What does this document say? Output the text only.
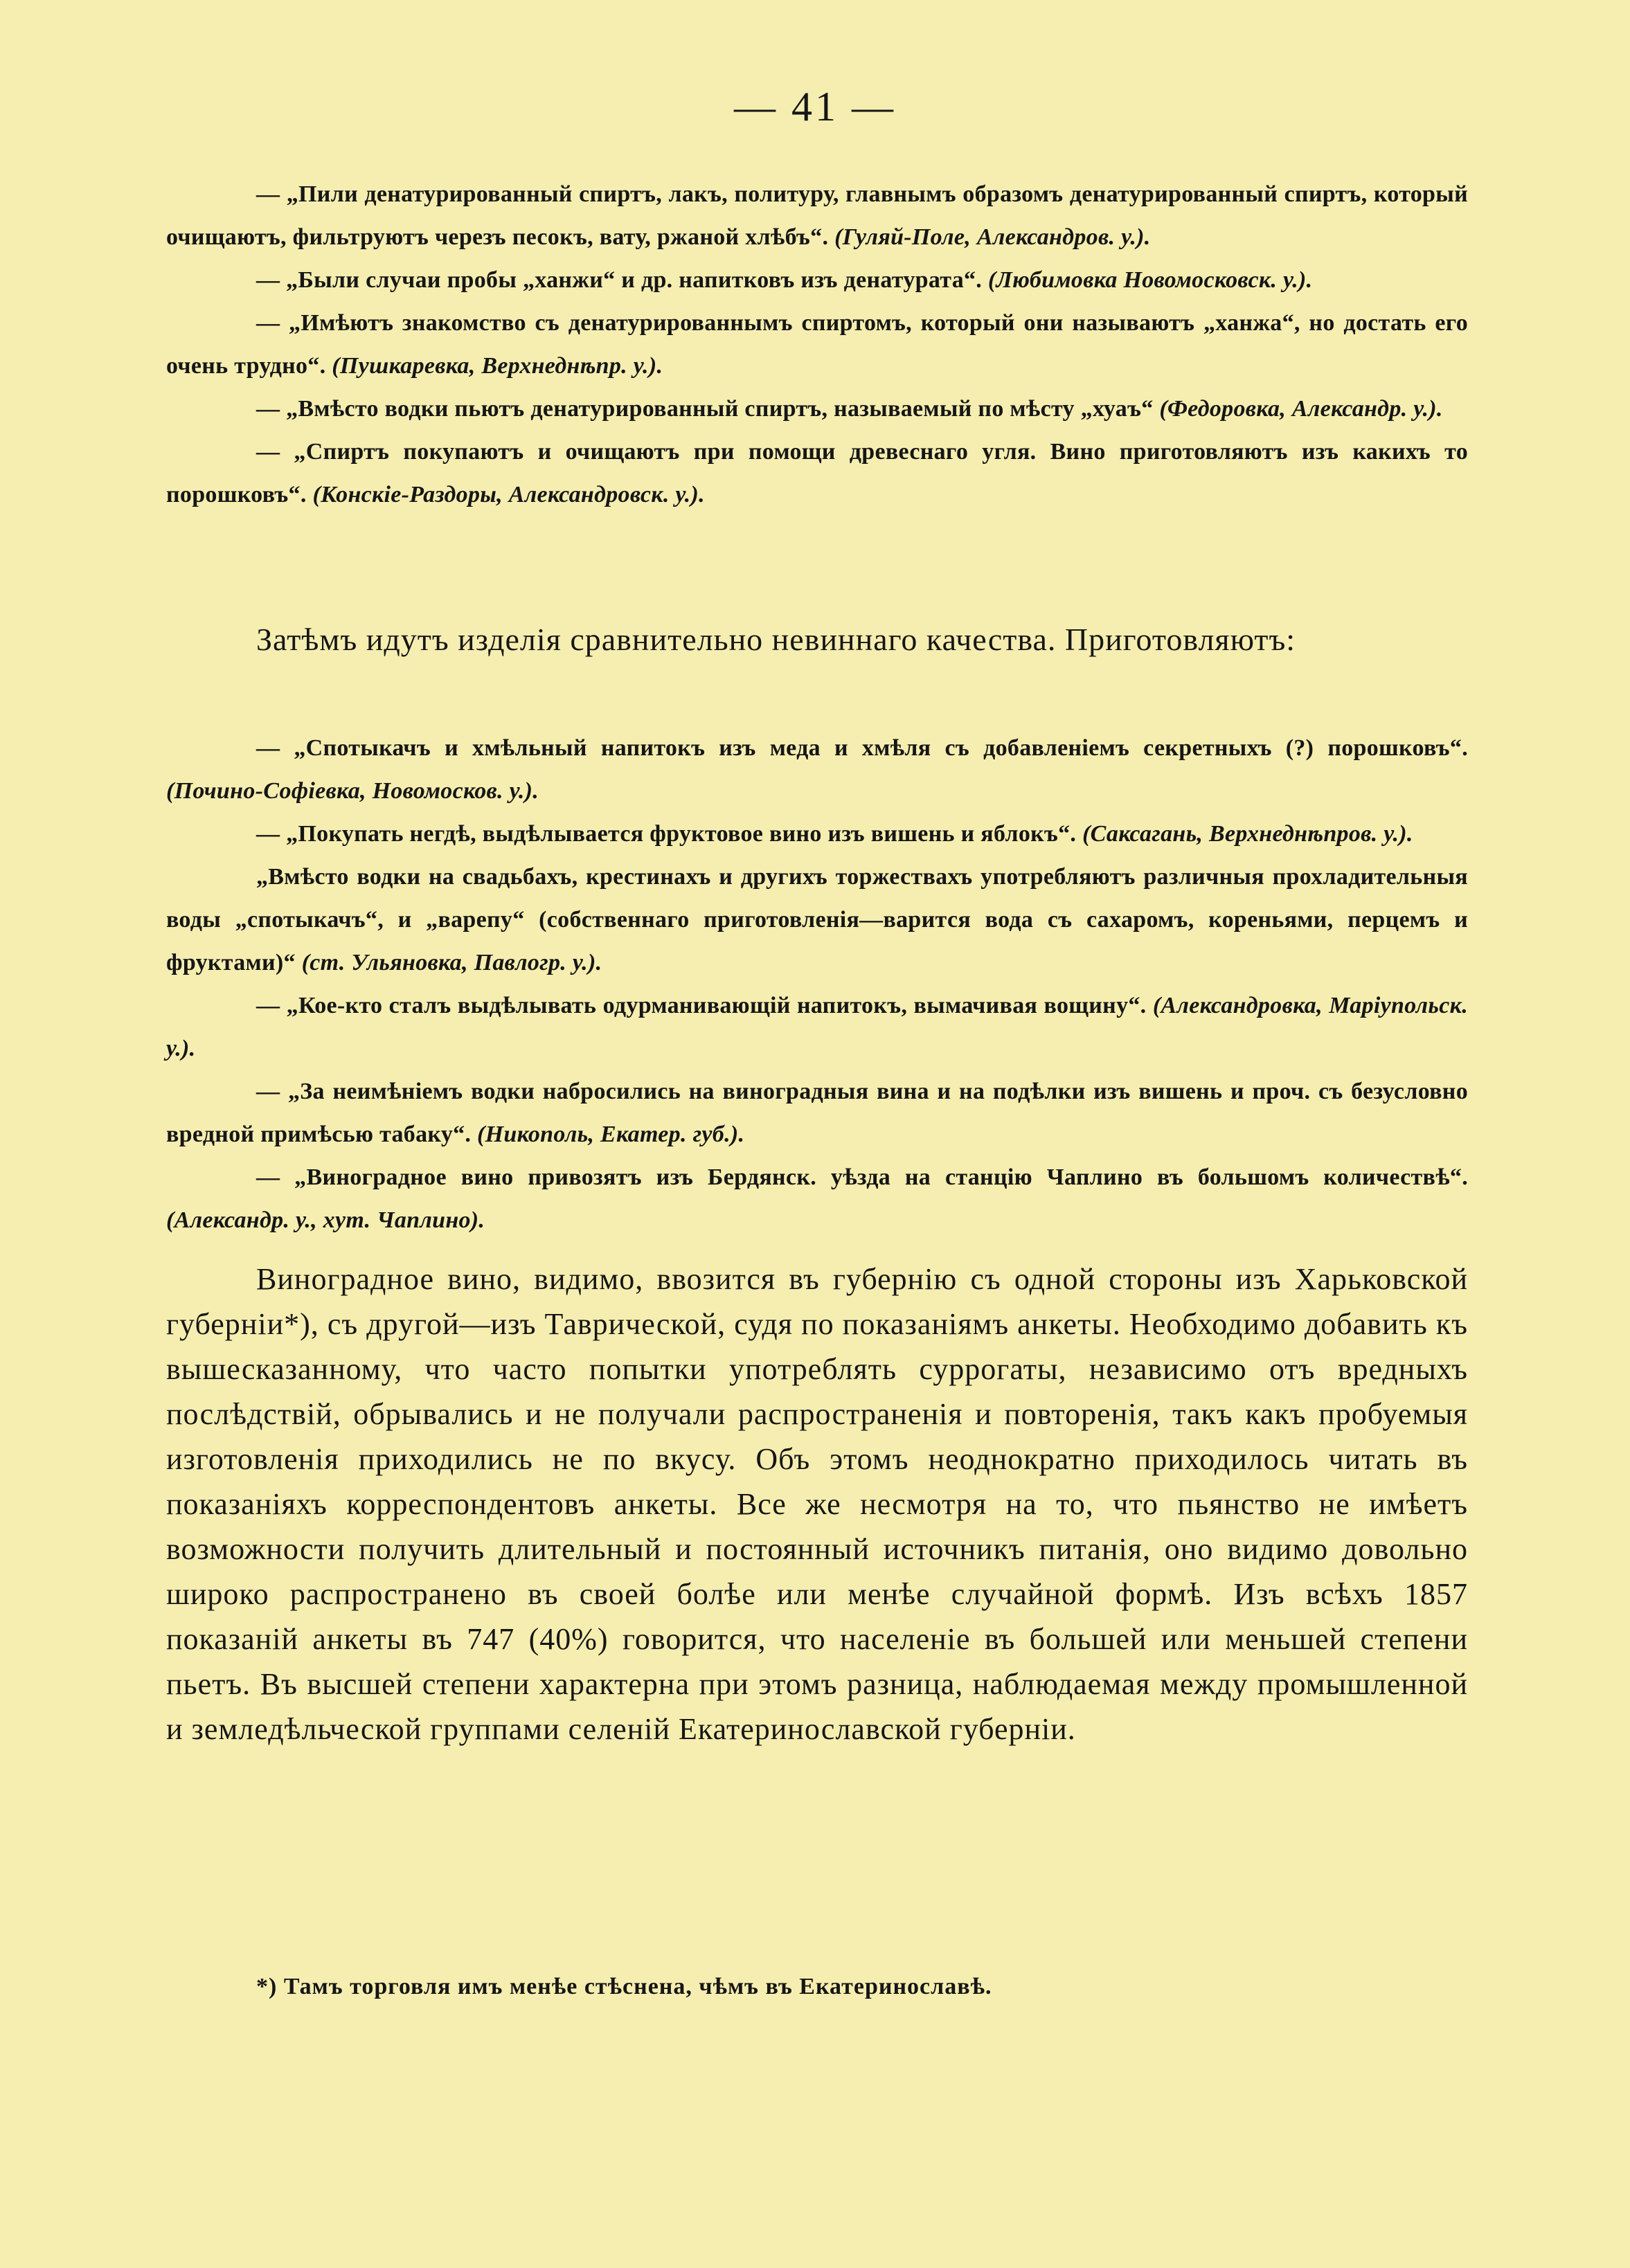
— 41 —

— „Пили денатурированный спиртъ, лакъ, политуру, главнымъ образомъ денатурированный спиртъ, который очищаютъ, фильтруютъ черезъ песокъ, вату, ржаной хлѣбъ“. (Гуляй-Поле, Александров. у.).

— „Были случаи пробы „ханжи“ и др. напитковъ изъ денатурата“. (Любимовка Новомосковск. у.).

— „Имѣютъ знакомство съ денатурированнымъ спиртомъ, который они называютъ „ханжа“, но достать его очень трудно“. (Пушкаревка, Верхнеднѣпр. у.).

— „Вмѣсто водки пьютъ денатурированный спиртъ, называемый по мѣсту „хуаъ“ (Федоровка, Александр. у.).

— „Спиртъ покупаютъ и очищаютъ при помощи древеснаго угля. Вино приготовляютъ изъ какихъ то порошковъ“. (Конскіе-Раздоры, Александровск. у.).

Затѣмъ идутъ изделія сравнительно невиннаго качества. Приготовляютъ:

— „Спотыкачъ и хмѣльный напитокъ изъ меда и хмѣля съ добавленіемъ секретныхъ (?) порошковъ“. (Почино-Софіевка, Новомосков. у.).

— „Покупать негдѣ, выдѣлывается фруктовое вино изъ вишень и яблокъ“. (Саксагань, Верхнеднѣпров. у.).

„Вмѣсто водки на свадьбахъ, крестинахъ и другихъ торжествахъ употребляютъ различныя прохладительныя воды „спотыкачъ“, и „варепу“ (собственнаго приготовленія—варится вода съ сахаромъ, кореньями, перцемъ и фруктами)“ (ст. Ульяновка, Павлогр. у.).

— „Кое-кто сталъ выдѣлывать одурманивающій напитокъ, вымачивая вощину“. (Александровка, Маріупольск. у.).

— „За неимѣніемъ водки набросились на виноградныя вина и на подѣлки изъ вишень и проч. съ безусловно вредной примѣсью табаку“. (Никополь, Екатер. губ.).

— „Виноградное вино привозятъ изъ Бердянск. уѣзда на станцію Чаплино въ большомъ количествѣ“. (Александр. у., хут. Чаплино).

Виноградное вино, видимо, ввозится въ губернію съ одной стороны изъ Харьковской губерніи*), съ другой—изъ Таврической, судя по показаніямъ анкеты. Необходимо добавить къ вышесказанному, что часто попытки употреблять суррогаты, независимо отъ вредныхъ послѣдствій, обрывались и не получали распространенія и повторенія, такъ какъ пробуемыя изготовленія приходились не по вкусу. Объ этомъ неоднократно приходилось читать въ показаніяхъ корреспондентовъ анкеты. Все же несмотря на то, что пьянство не имѣетъ возможности получить длительный и постоянный источникъ питанія, оно видимо довольно широко распространено въ своей болѣе или менѣе случайной формѣ. Изъ всѣхъ 1857 показаній анкеты въ 747 (40%) говорится, что населеніе въ большей или меньшей степени пьетъ. Въ высшей степени характерна при этомъ разница, наблюдаемая между промышленной и земледѣльческой группами селеній Екатеринославской губерніи.

*) Тамъ торговля имъ менѣе стѣснена, чѣмъ въ Екатеринославѣ.
